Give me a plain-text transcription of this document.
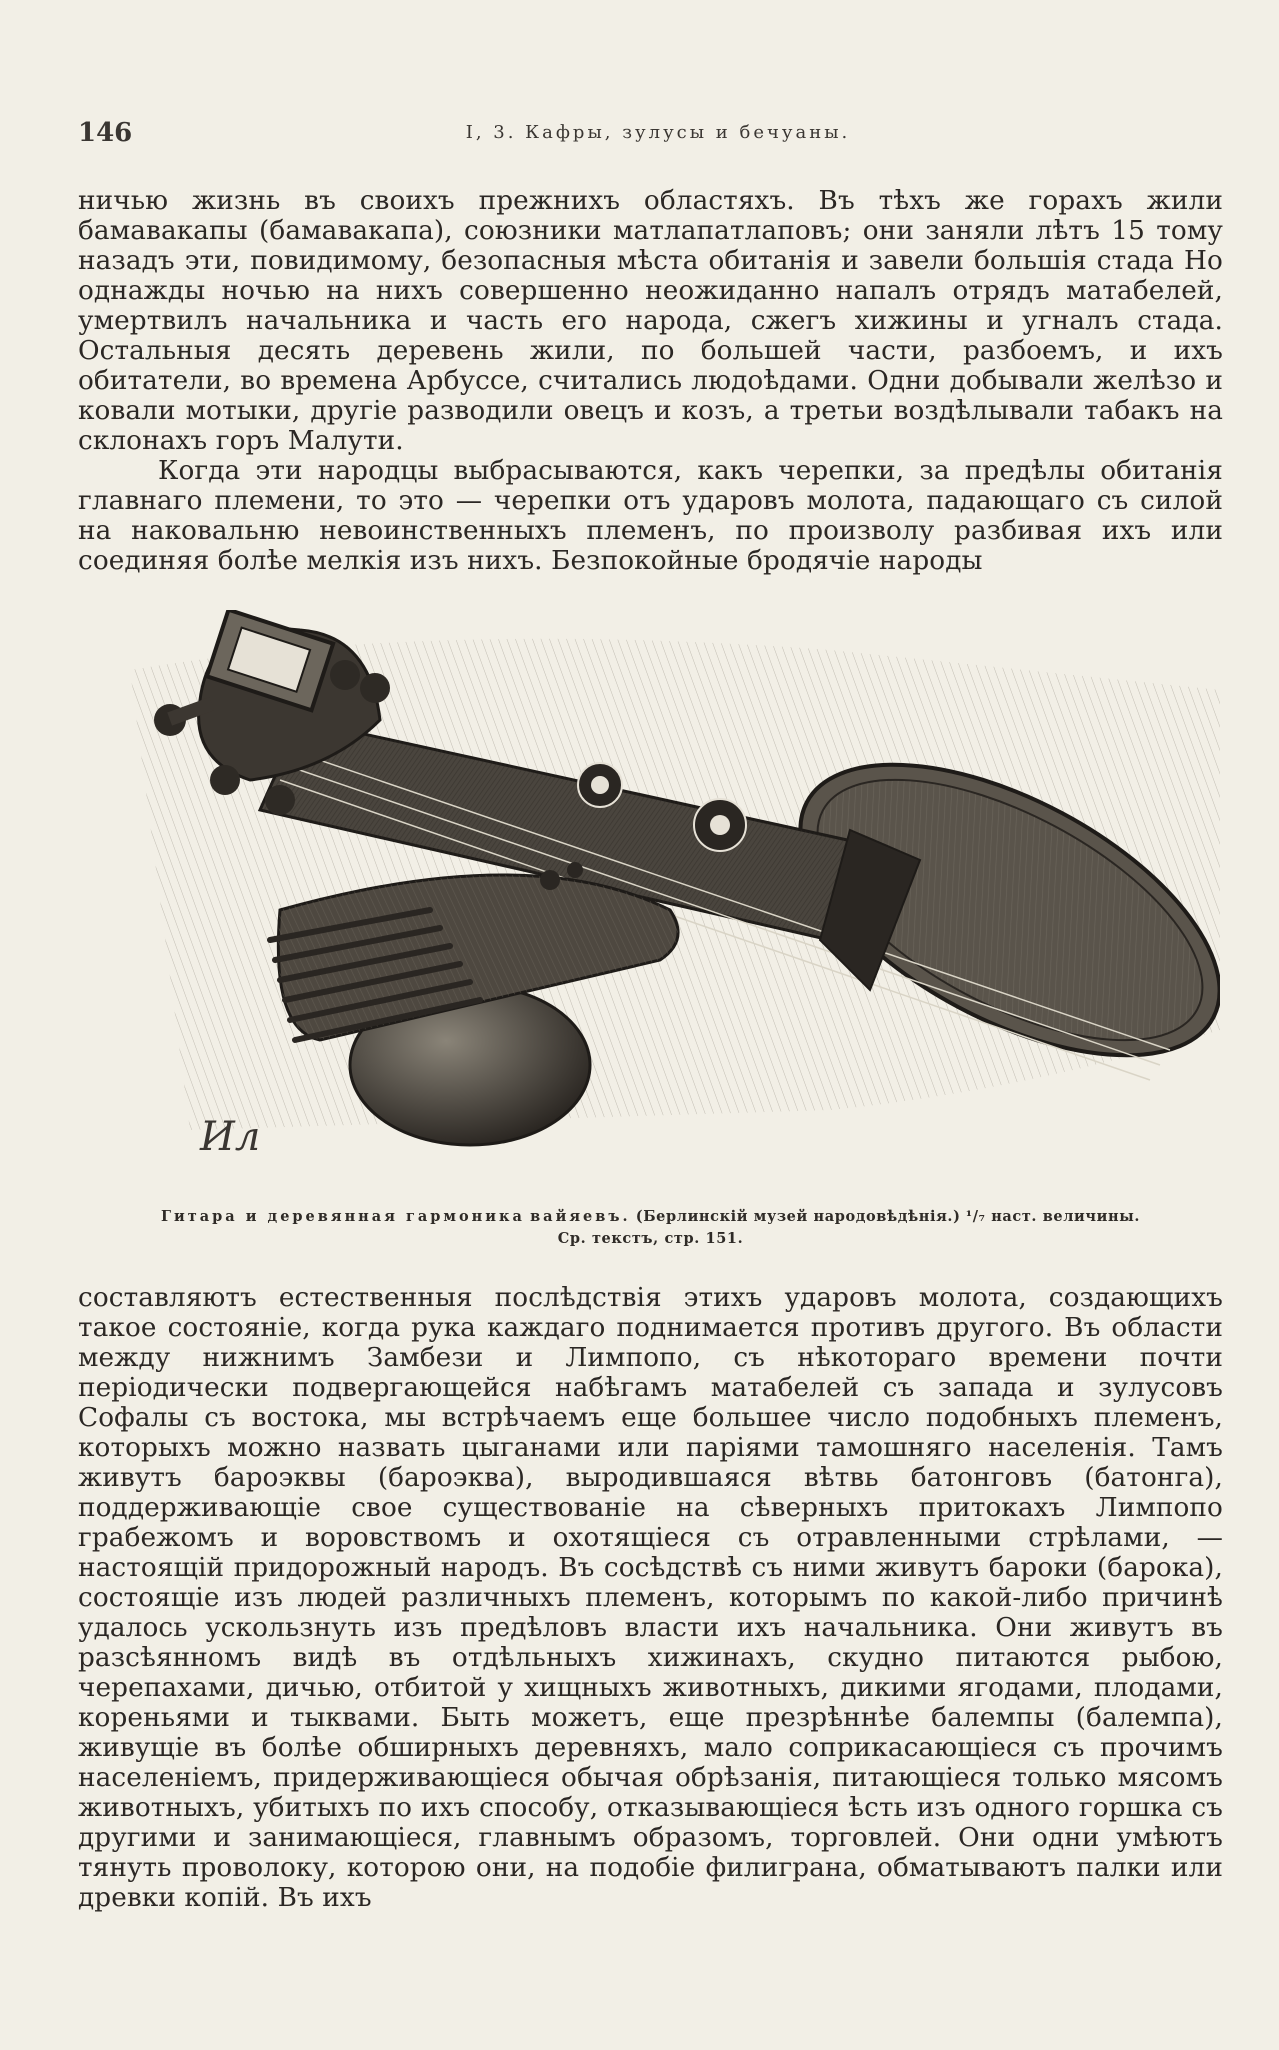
146	I, 3. Кафры, зулусы и бечуаны.

ничью жизнь въ своихъ прежнихъ областяхъ. Въ тѣхъ же горахъ жили бамавакапы (бамавакапа), союзники матлапатлаповъ; они заняли лѣтъ 15 тому назадъ эти, повидимому, безопасныя мѣста обитанія и завели большія стада Но однажды ночью на нихъ совершенно неожиданно напалъ отрядъ матабелей, умертвилъ начальника и часть его народа, сжегъ хижины и угналъ стада. Остальныя десять деревень жили, по большей части, разбоемъ, и ихъ обитатели, во времена Арбуссе, считались людоѣдами. Одни добывали желѣзо и ковали мотыки, другіе разводили овецъ и козъ, а третьи воздѣлывали табакъ на склонахъ горъ Малути.

Когда эти народцы выбрасываются, какъ черепки, за предѣлы обитанія главнаго племени, то это — черепки отъ ударовъ молота, падающаго съ силой на наковальню невоинственныхъ племенъ, по произволу разбивая ихъ или соединяя болѣе мелкія изъ нихъ. Безпокойные бродячіе народы

Ил
Гитара и деревянная гармоника вайяевъ. (Берлинскій музей народовѣдѣнія.) ¹/₇ наст. величины.
Ср. текстъ, стр. 151.

составляютъ естественныя послѣдствія этихъ ударовъ молота, создающихъ такое состояніе, когда рука каждаго поднимается противъ другого. Въ области между нижнимъ Замбези и Лимпопо, съ нѣкотораго времени почти періодически подвергающейся набѣгамъ матабелей съ запада и зулусовъ Софалы съ востока, мы встрѣчаемъ еще большее число подобныхъ племенъ, которыхъ можно назвать цыганами или паріями тамошняго населенія. Тамъ живутъ бароэквы (бароэква), выродившаяся вѣтвь батонговъ (батонга), поддерживающіе свое существованіе на сѣверныхъ притокахъ Лимпопо грабежомъ и воровствомъ и охотящіеся съ отравленными стрѣлами, — настоящій придорожный народъ. Въ сосѣдствѣ съ ними живутъ бароки (барока), состоящіе изъ людей различныхъ племенъ, которымъ по какой-либо причинѣ удалось ускользнуть изъ предѣловъ власти ихъ начальника. Они живутъ въ разсѣянномъ видѣ въ отдѣльныхъ хижинахъ, скудно питаются рыбою, черепахами, дичью, отбитой у хищныхъ животныхъ, дикими ягодами, плодами, кореньями и тыквами. Быть можетъ, еще презрѣннѣе балемпы (балемпа), живущіе въ болѣе обширныхъ деревняхъ, мало соприкасающіеся съ прочимъ населеніемъ, придерживающіеся обычая обрѣзанія, питающіеся только мясомъ животныхъ, убитыхъ по ихъ способу, отказывающіеся ѣсть изъ одного горшка съ другими и занимающіеся, главнымъ образомъ, торговлей. Они одни умѣютъ тянуть проволоку, которою они, на подобіе филиграна, обматываютъ палки или древки копій. Въ ихъ
